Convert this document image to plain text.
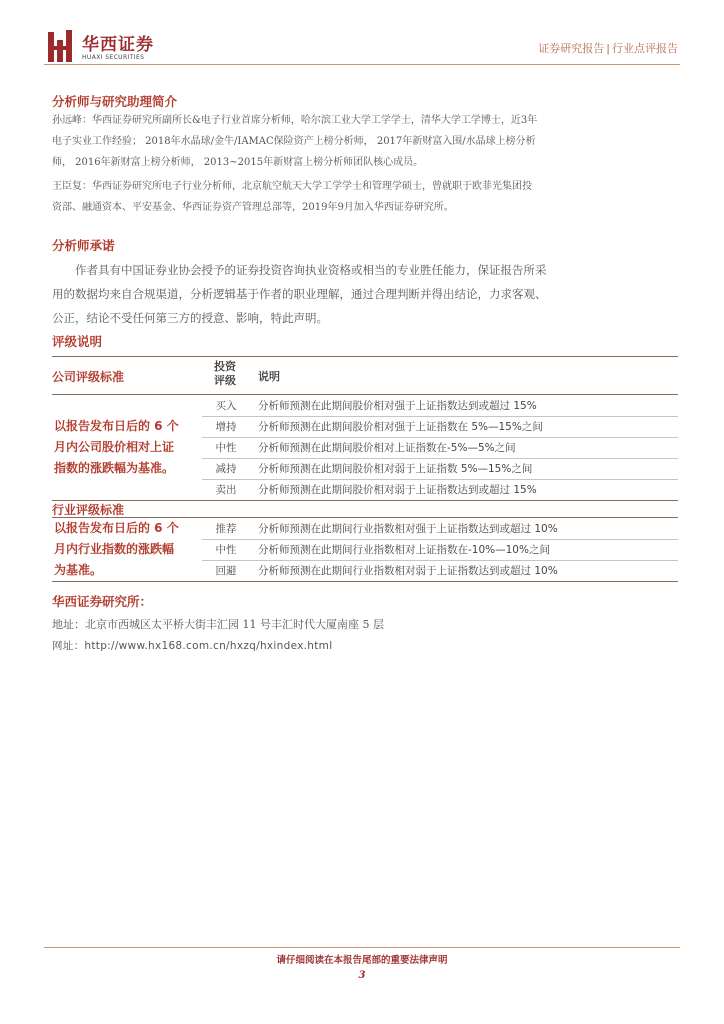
华西证券
HUAXI SECURITIES
证券研究报告 | 行业点评报告
分析师与研究助理简介
孙远峰：华西证券研究所副所长&电子行业首席分析师，哈尔滨工业大学工学学士，清华大学工学博士，近3年
电子实业工作经验； 2018年水晶球/金牛/IAMAC保险资产上榜分析师， 2017年新财富入围/水晶球上榜分析
师， 2016年新财富上榜分析师， 2013~2015年新财富上榜分析师团队核心成员。
王臣复：华西证券研究所电子行业分析师，北京航空航天大学工学学士和管理学硕士，曾就职于欧菲光集团投
资部、融通资本、平安基金、华西证券资产管理总部等，2019年9月加入华西证券研究所。
分析师承诺
作者具有中国证券业协会授予的证券投资咨询执业资格或相当的专业胜任能力，保证报告所采
用的数据均来自合规渠道，分析逻辑基于作者的职业理解，通过合理判断并得出结论，力求客观、
公正，结论不受任何第三方的授意、影响，特此声明。
评级说明
公司评级标准
投资
评级	说明
以报告发布日后的 6 个
月内公司股价相对上证
指数的涨跌幅为基准。
买入	分析师预测在此期间股价相对强于上证指数达到或超过 15%
增持	分析师预测在此期间股价相对强于上证指数在 5%—15%之间
中性	分析师预测在此期间股价相对上证指数在-5%—5%之间
减持	分析师预测在此期间股价相对弱于上证指数 5%—15%之间
卖出	分析师预测在此期间股价相对弱于上证指数达到或超过 15%
行业评级标准
以报告发布日后的 6 个
月内行业指数的涨跌幅
为基准。
推荐	分析师预测在此期间行业指数相对强于上证指数达到或超过 10%
中性	分析师预测在此期间行业指数相对上证指数在-10%—10%之间
回避	分析师预测在此期间行业指数相对弱于上证指数达到或超过 10%
华西证券研究所：
地址：北京市西城区太平桥大街丰汇园 11 号丰汇时代大厦南座 5 层
网址：http://www.hx168.com.cn/hxzq/hxindex.html
请仔细阅读在本报告尾部的重要法律声明
3
